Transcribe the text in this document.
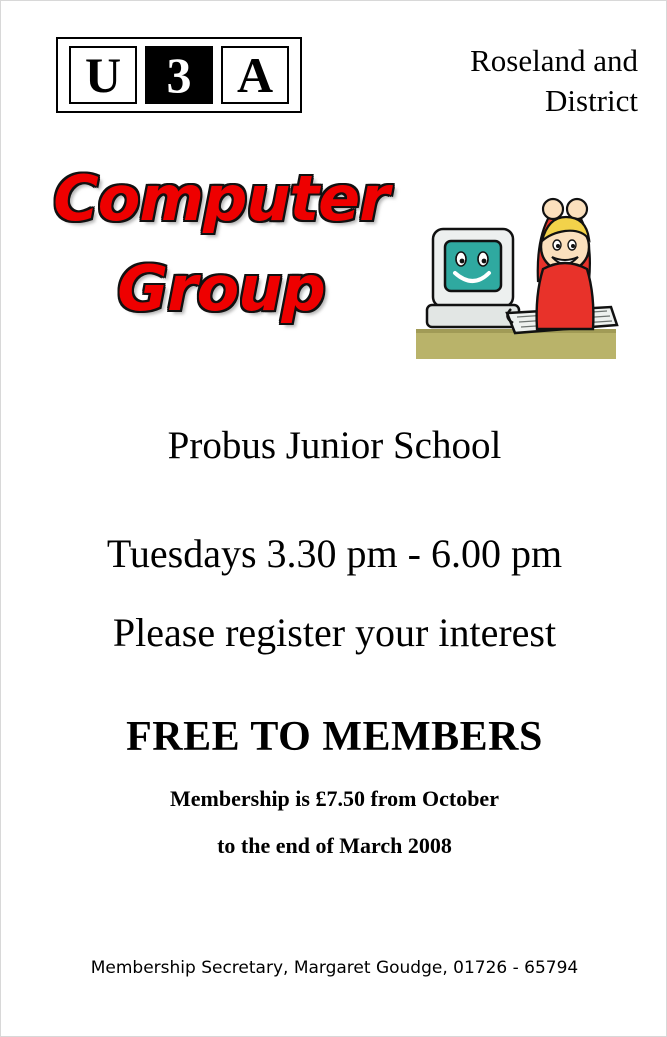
U 3 A	Roseland and
District
Computer
Group
Probus Junior School
Tuesdays 3.30 pm - 6.00 pm
Please register your interest
FREE TO MEMBERS
Membership is £7.50 from October
to the end of March 2008
Membership Secretary, Margaret Goudge, 01726 - 65794
